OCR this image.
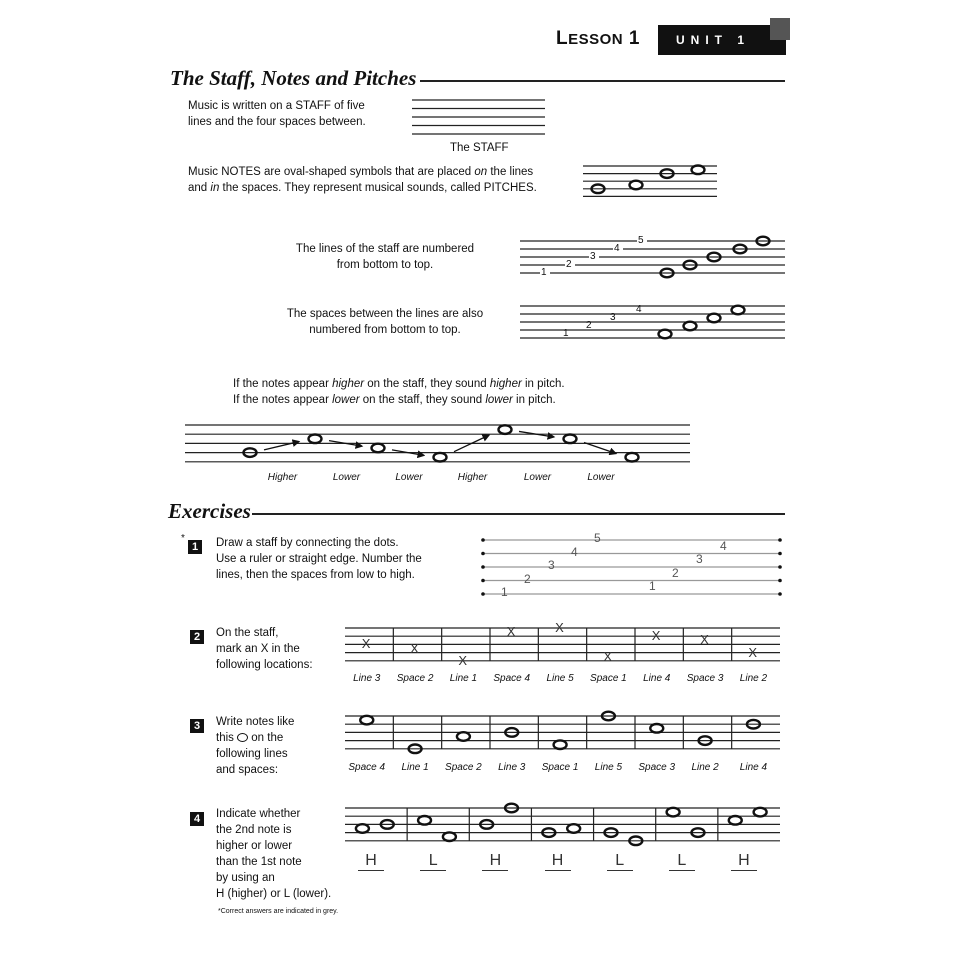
LESSON 1	UNIT 1
The Staff, Notes and Pitches
Music is written on a STAFF of five
lines and the four spaces between.
The STAFF
Music NOTES are oval-shaped symbols that are placed on the lines
and in the spaces. They represent musical sounds, called PITCHES.
The lines of the staff are numbered
from bottom to top.
The spaces between the lines are also
numbered from bottom to top.
If the notes appear higher on the staff, they sound higher in pitch.
If the notes appear lower on the staff, they sound lower in pitch.
Exercises
*
1	Draw a staff by connecting the dots.
Use a ruler or straight edge. Number the
lines, then the spaces from low to high.
2	On the staff,
mark an X in the
following locations:
3	Write notes like
this  on the
following lines
and spaces:
4	Indicate whether
the 2nd note is
higher or lower
than the 1st note
by using an
H (higher) or L (lower).
*Correct answers are indicated in grey.
1
2
3
4
5
1
2
3
4
Higher	Lower	Lower	Higher	Lower	Lower
1
2
3
4
5
1
2
3
4
X
Line 3
X
Space 2
X
Line 1
X
Space 4
X
Line 5
X
Space 1
X
Line 4
X
Space 3
X
Line 2
Space 4	Line 1	Space 2	Line 3	Space 1	Line 5	Space 3	Line 2	Line 4
H	L	H	H	L	L	H
